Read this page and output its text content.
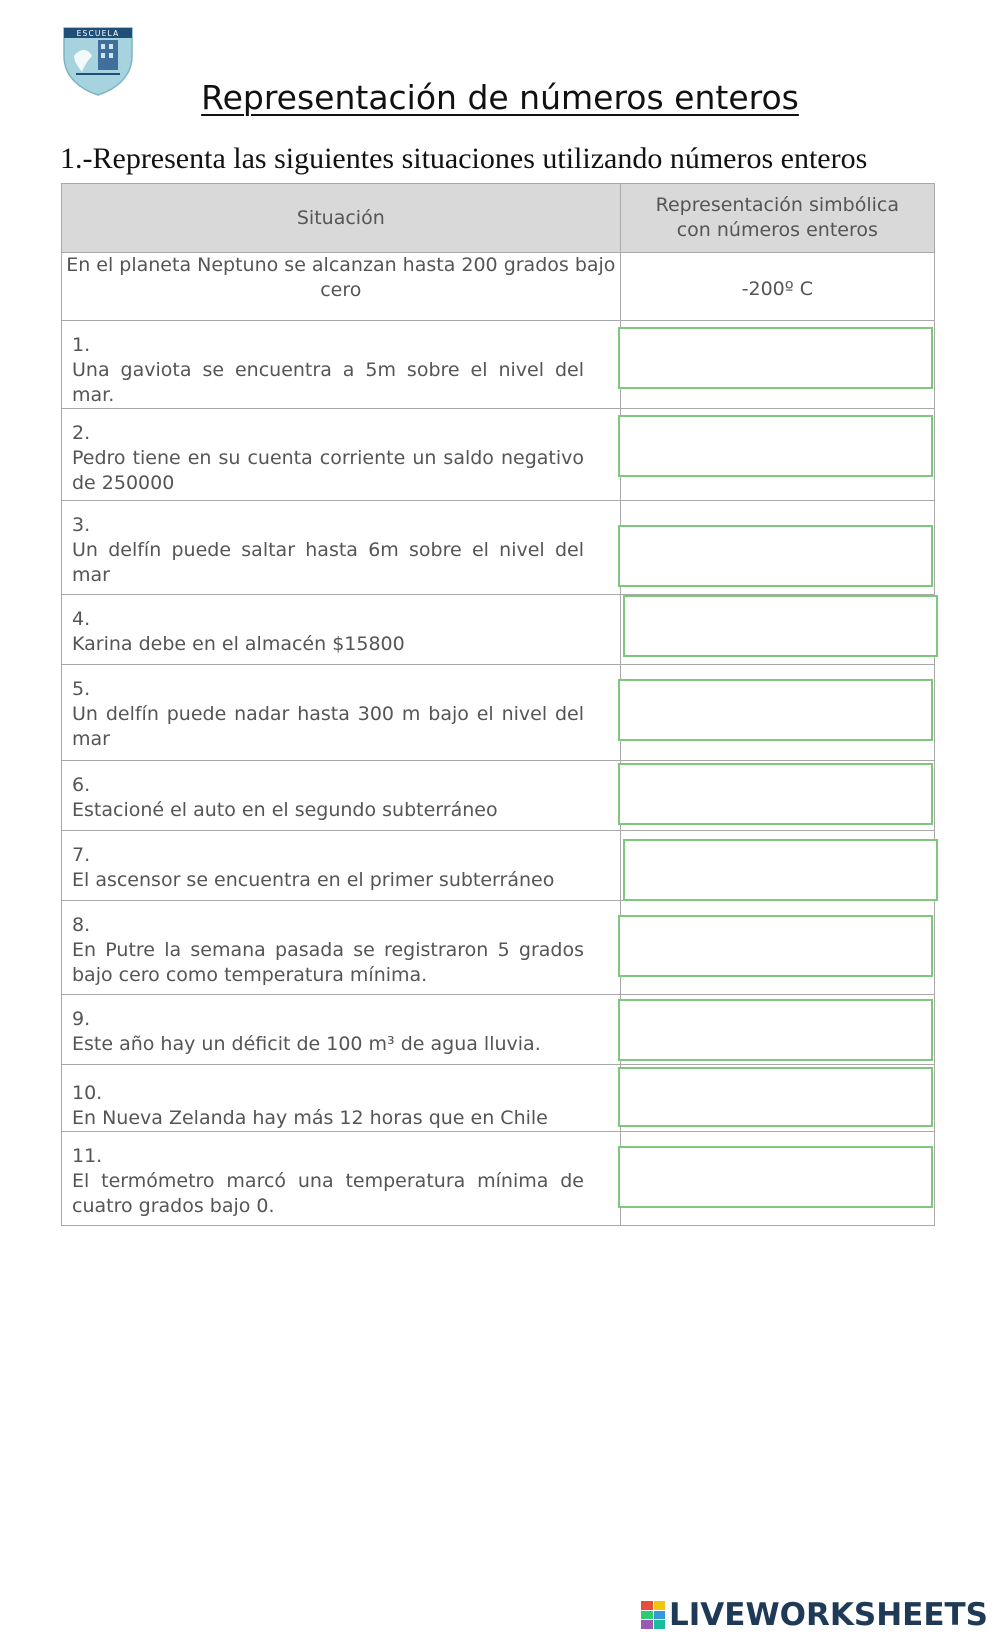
ESCUELA
Representación de números enteros
1.-Representa las siguientes situaciones utilizando números enteros
Situación	Representación simbólica con números enteros
En el planeta Neptuno se alcanzan hasta 200 grados bajo cero	-200º C
1.Una gaviota se encuentra a 5m sobre el nivel del mar.	

2.Pedro tiene en su cuenta corriente un saldo negativo de 250000	

3.Un delfín puede saltar hasta 6m sobre el nivel del mar	

4.Karina debe en el almacén $15800	

5.Un delfín puede nadar hasta 300 m bajo el nivel del mar	

6.Estacioné el auto en el segundo subterráneo	

7.El ascensor se encuentra en el primer subterráneo	

8.En Putre la semana pasada se registraron 5 grados bajo cero como temperatura mínima.	

9.Este año hay un déficit de 100 m³ de agua lluvia.	

10.En Nueva Zelanda hay más 12 horas que en Chile	

11.El termómetro marcó una temperatura mínima de cuatro grados bajo 0.	
LIVEWORKSHEETS
